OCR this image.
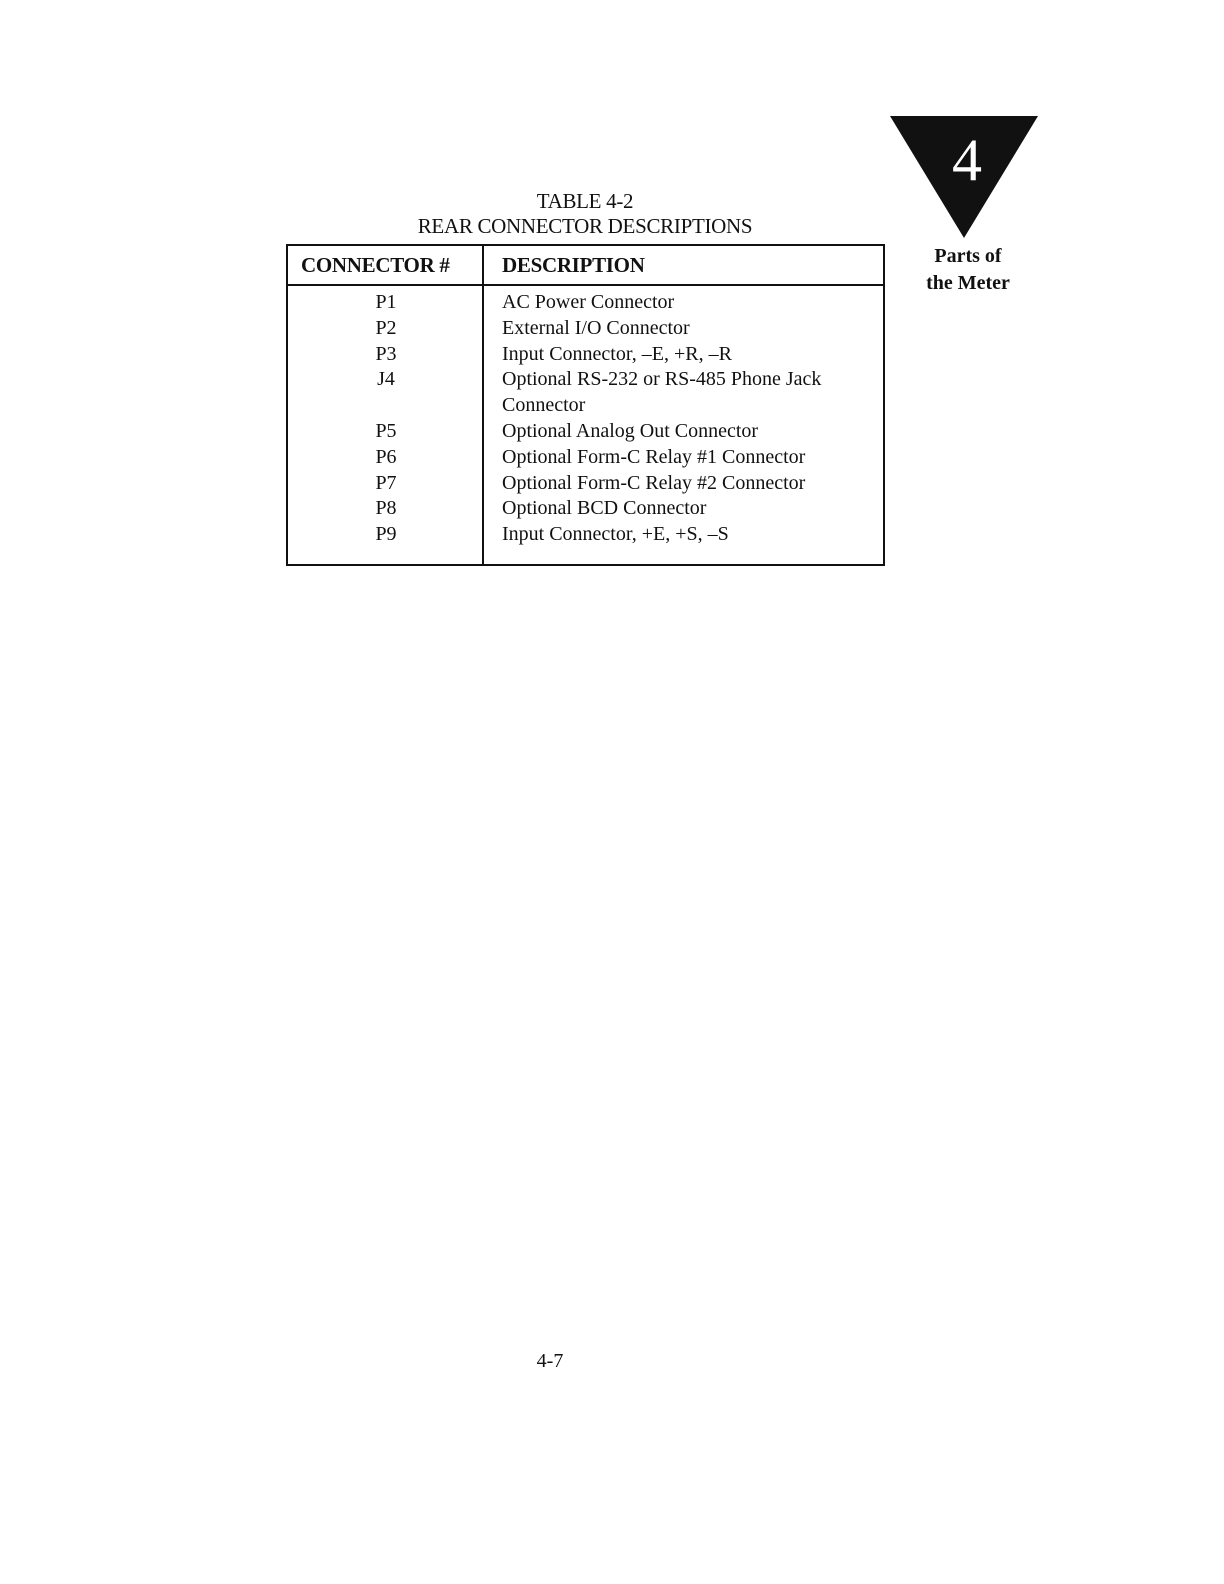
TABLE 4-2
REAR CONNECTOR DESCRIPTIONS
CONNECTOR # DESCRIPTION
P1	AC Power Connector
P2	External I/O Connector
P3	Input Connector, –E, +R, –R
J4	Optional RS-232 or RS-485 Phone Jack Connector
P5	Optional Analog Out Connector
P6	Optional Form-C Relay #1 Connector
P7	Optional Form-C Relay #2 Connector
P8	Optional BCD Connector
P9	Input Connector, +E, +S, –S
4
Parts of
the Meter
4-7
